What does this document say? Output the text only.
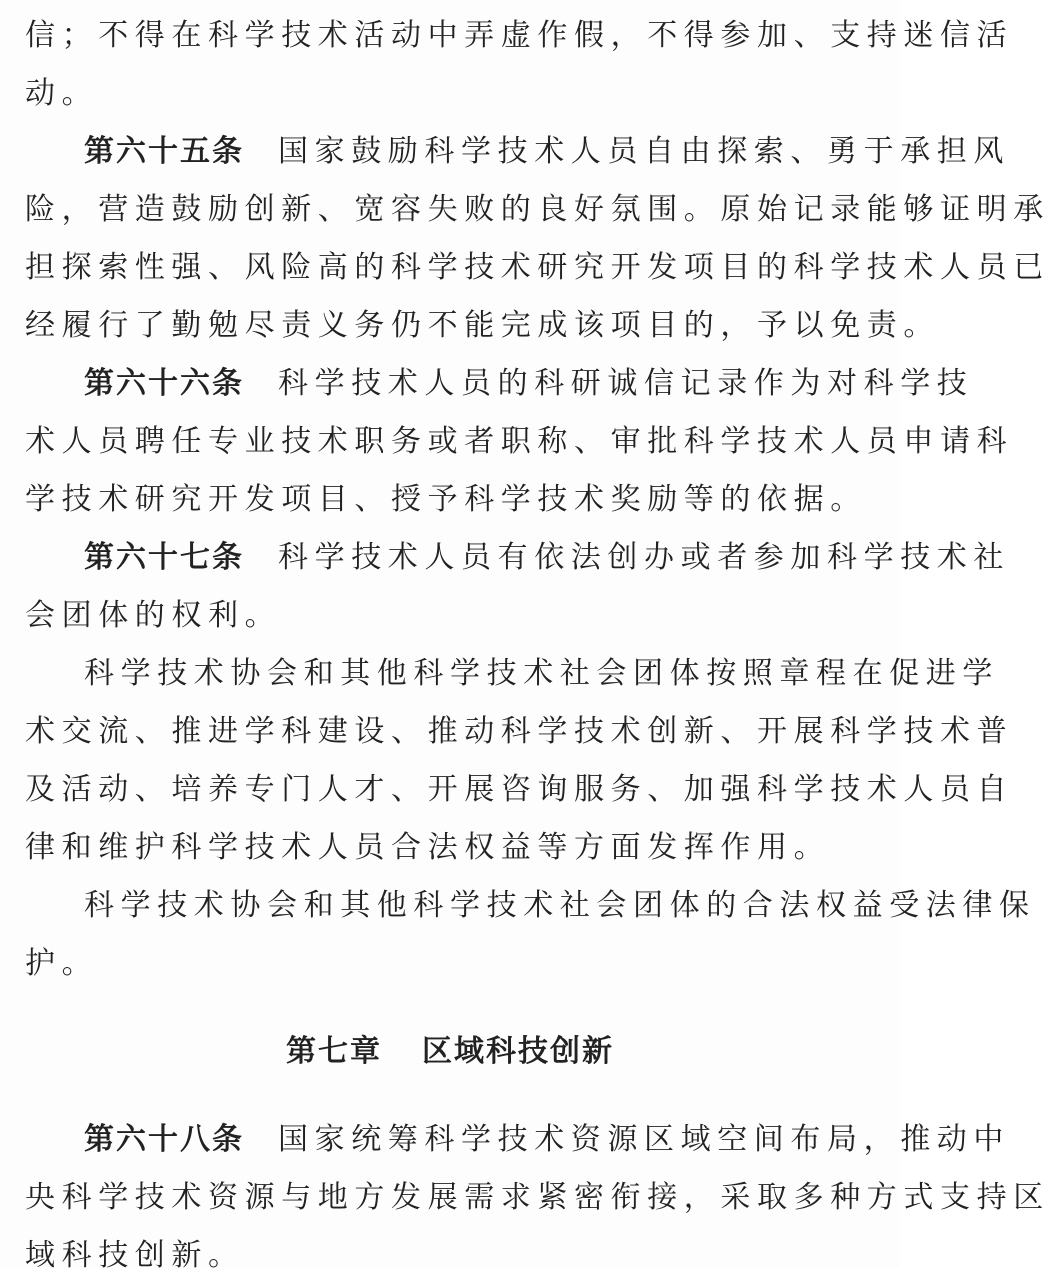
信；不得在科学技术活动中弄虚作假，不得参加、支持迷信活
动。
第六十五条 国家鼓励科学技术人员自由探索、勇于承担风
险，营造鼓励创新、宽容失败的良好氛围。原始记录能够证明承
担探索性强、风险高的科学技术研究开发项目的科学技术人员已
经履行了勤勉尽责义务仍不能完成该项目的，予以免责。
第六十六条 科学技术人员的科研诚信记录作为对科学技
术人员聘任专业技术职务或者职称、审批科学技术人员申请科
学技术研究开发项目、授予科学技术奖励等的依据。
第六十七条 科学技术人员有依法创办或者参加科学技术社
会团体的权利。
科学技术协会和其他科学技术社会团体按照章程在促进学
术交流、推进学科建设、推动科学技术创新、开展科学技术普
及活动、培养专门人才、开展咨询服务、加强科学技术人员自
律和维护科学技术人员合法权益等方面发挥作用。
科学技术协会和其他科学技术社会团体的合法权益受法律保
护。
第七章 区域科技创新
第六十八条 国家统筹科学技术资源区域空间布局，推动中
央科学技术资源与地方发展需求紧密衔接，采取多种方式支持区
域科技创新。
